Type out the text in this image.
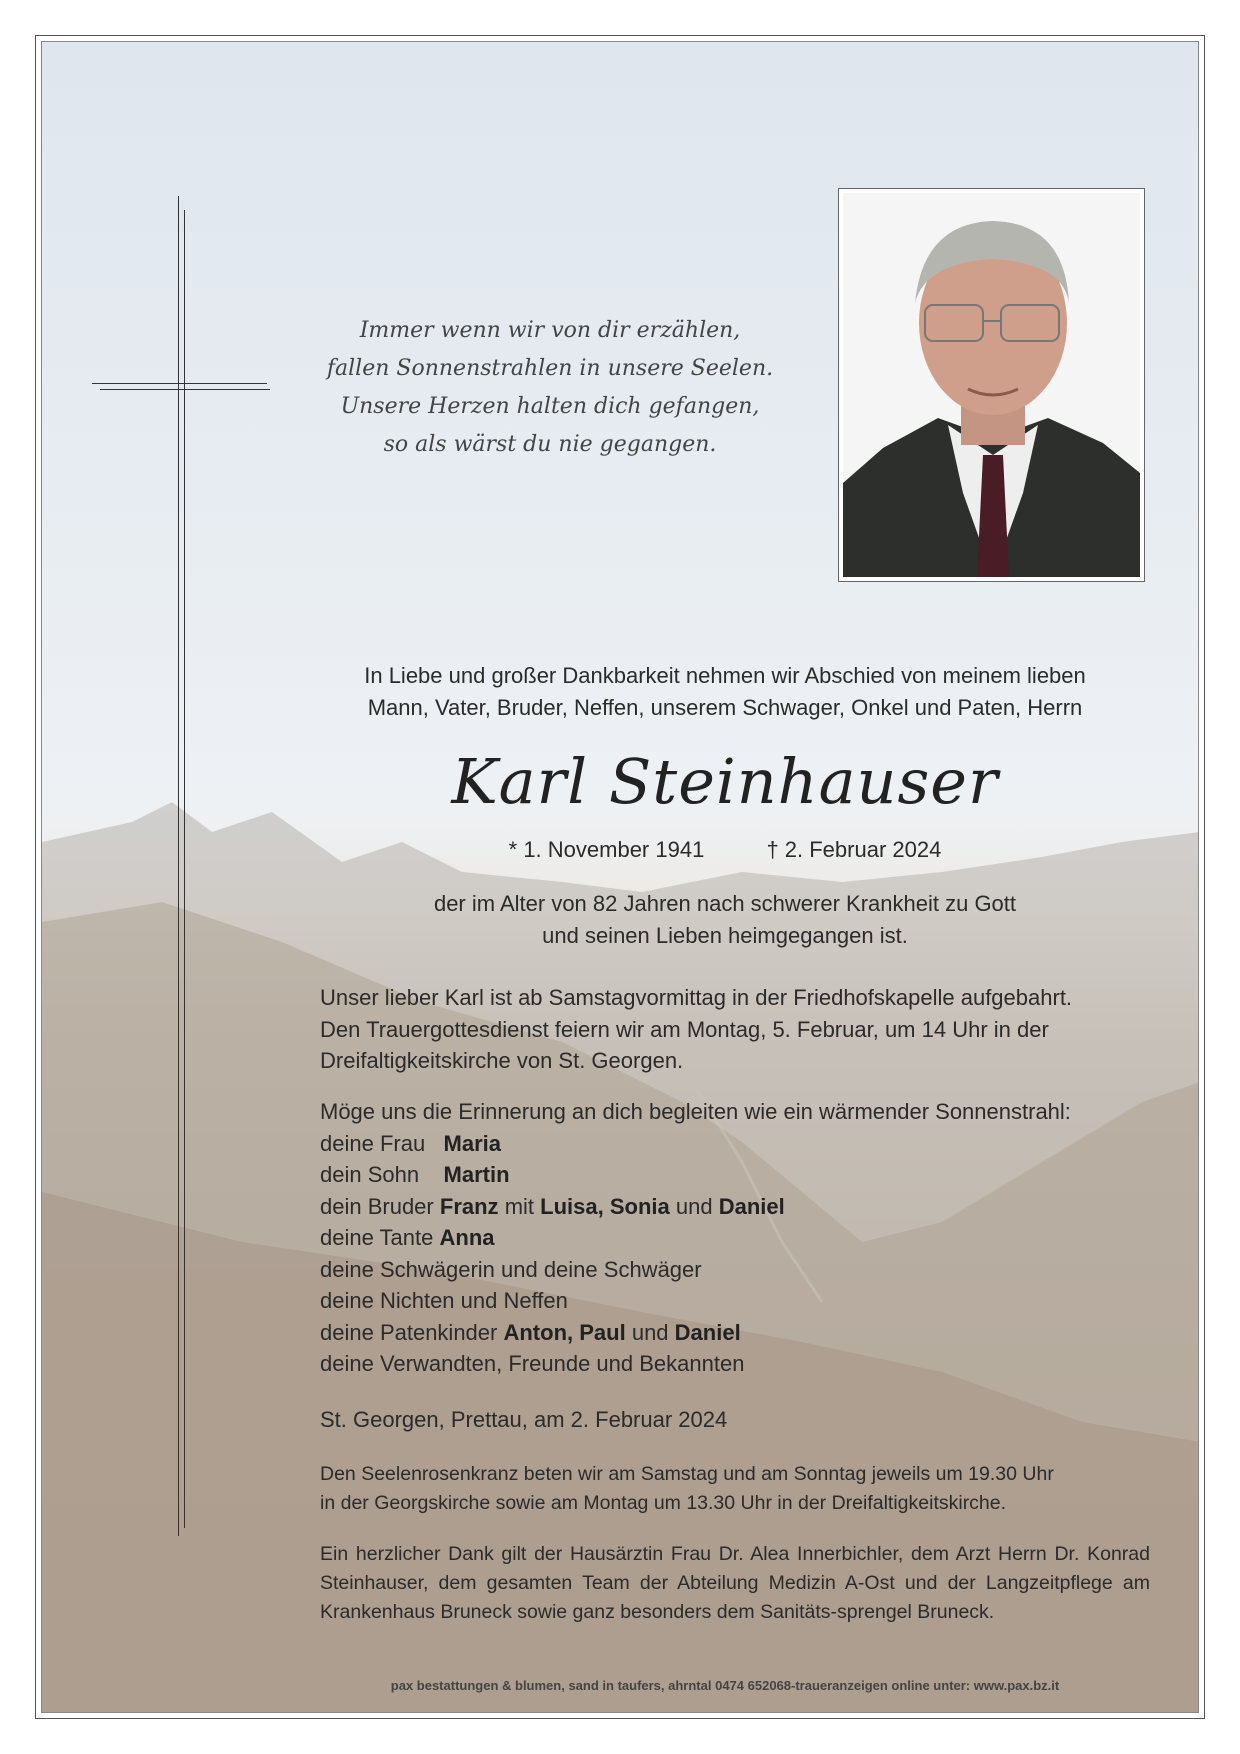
Immer wenn wir von dir erzählen,
fallen Sonnenstrahlen in unsere Seelen.
Unsere Herzen halten dich gefangen,
so als wärst du nie gegangen.
In Liebe und großer Dankbarkeit nehmen wir Abschied von meinem lieben
Mann, Vater, Bruder, Neffen, unserem Schwager, Onkel und Paten, Herrn
Karl Steinhauser
* 1. November 1941	† 2. Februar 2024
der im Alter von 82 Jahren nach schwerer Krankheit zu Gott
und seinen Lieben heimgegangen ist.
Unser lieber Karl ist ab Samstagvormittag in der Friedhofskapelle aufgebahrt.
Den Trauergottesdienst feiern wir am Montag, 5. Februar, um 14 Uhr in der
Dreifaltigkeitskirche von St. Georgen.
Möge uns die Erinnerung an dich begleiten wie ein wärmender Sonnenstrahl:
deine Frau Maria
dein Sohn Martin
dein Bruder Franz mit Luisa, Sonia und Daniel
deine Tante Anna
deine Schwägerin und deine Schwäger
deine Nichten und Neffen
deine Patenkinder Anton, Paul und Daniel
deine Verwandten, Freunde und Bekannten
St. Georgen, Prettau, am 2. Februar 2024
Den Seelenrosenkranz beten wir am Samstag und am Sonntag jeweils um 19.30 Uhr
in der Georgskirche sowie am Montag um 13.30 Uhr in der Dreifaltigkeitskirche.
Ein herzlicher Dank gilt der Hausärztin Frau Dr. Alea Innerbichler, dem Arzt Herrn Dr. Konrad Steinhauser, dem gesamten Team der Abteilung Medizin A-Ost und der Langzeitpflege am Krankenhaus Bruneck sowie ganz besonders dem Sanitäts-sprengel Bruneck.
pax bestattungen & blumen, sand in taufers, ahrntal 0474 652068-traueranzeigen online unter: www.pax.bz.it
